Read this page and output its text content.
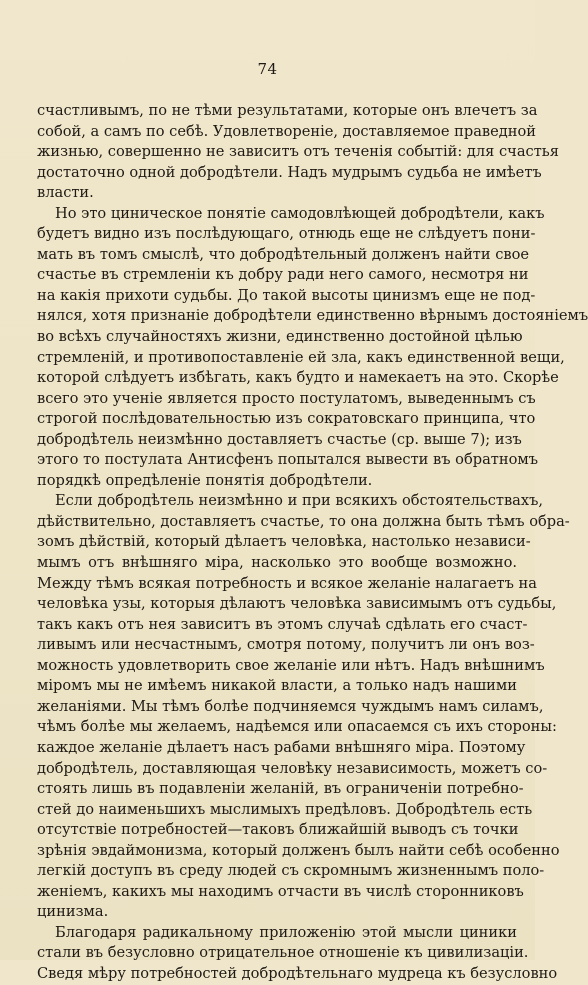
74
счастливымъ, по не тѣми результатами, которые онъ влечетъ за
собой, а самъ по себѣ. Удовлетвореніе, доставляемое праведной
жизнью, совершенно не зависитъ отъ теченія событій: для счастья
достаточно одной добродѣтели. Надъ мудрымъ судьба не имѣетъ
власти.
Но это циническое понятіе самодовлѣющей добродѣтели, какъ
будетъ видно изъ послѣдующаго, отнюдь еще не слѣдуетъ пони-
мать въ томъ смыслѣ, что добродѣтельный долженъ найти свое
счастье въ стремленіи къ добру ради него самого, несмотря ни
на какія прихоти судьбы. До такой высоты цинизмъ еще не под-
нялся, хотя признаніе добродѣтели единственно вѣрнымъ достояніемъ
во всѣхъ случайностяхъ жизни, единственно достойной цѣлью
стремленій, и противопоставленіе ей зла, какъ единственной вещи,
которой слѣдуетъ избѣгать, какъ будто и намекаетъ на это. Скорѣе
всего это ученіе является просто постулатомъ, выведеннымъ съ
строгой послѣдовательностью изъ сократовскаго принципа, что
добродѣтель неизмѣнно доставляетъ счастье (ср. выше 7); изъ
этого то постулата Антисфенъ попытался вывести въ обратномъ
порядкѣ опредѣленіе понятія добродѣтели.
Если добродѣтель неизмѣнно и при всякихъ обстоятельствахъ,
дѣйствительно, доставляетъ счастье, то она должна быть тѣмъ обра-
зомъ дѣйствій, который дѣлаетъ человѣка, настолько независи-
мымъ отъ внѣшняго міра, насколько это вообще возможно.
Между тѣмъ всякая потребность и всякое желаніе налагаетъ на
человѣка узы, которыя дѣлаютъ человѣка зависимымъ отъ судьбы,
такъ какъ отъ нея зависитъ въ этомъ случаѣ сдѣлать его счаст-
ливымъ или несчастнымъ, смотря потому, получитъ ли онъ воз-
можность удовлетворить свое желаніе или нѣтъ. Надъ внѣшнимъ
міромъ мы не имѣемъ никакой власти, а только надъ нашими
желаніями. Мы тѣмъ болѣе подчиняемся чуждымъ намъ силамъ,
чѣмъ болѣе мы желаемъ, надѣемся или опасаемся съ ихъ стороны:
каждое желаніе дѣлаетъ насъ рабами внѣшняго міра. Поэтому
добродѣтель, доставляющая человѣку независимость, можетъ со-
стоять лишь въ подавленіи желаній, въ ограниченіи потребно-
стей до наименьшихъ мыслимыхъ предѣловъ. Добродѣтель есть
отсутствіе потребностей—таковъ ближайшій выводъ съ точки
зрѣнія эвдаймонизма, который долженъ былъ найти себѣ особенно
легкій доступъ въ среду людей съ скромнымъ жизненнымъ поло-
женіемъ, какихъ мы находимъ отчасти въ числѣ сторонниковъ
цинизма.
Благодаря радикальному приложенію этой мысли циники
стали въ безусловно отрицательное отношеніе къ цивилизаціи.
Сведя мѣру потребностей добродѣтельнаго мудреца къ безусловно
